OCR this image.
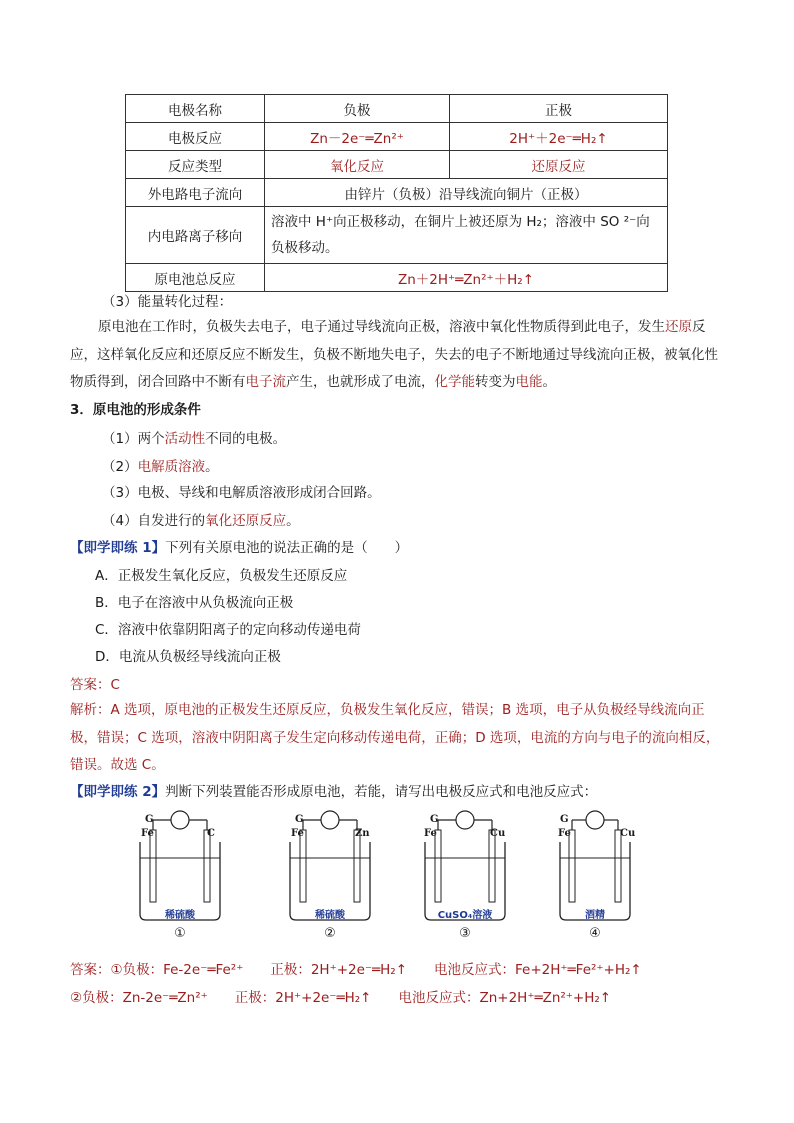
电极名称	负极	正极
电极反应	Zn－2e⁻═Zn²⁺	2H⁺＋2e⁻═H₂↑
反应类型	氧化反应	还原反应
外电路电子流向	由锌片（负极）沿导线流向铜片（正极）	
内电路离子移向	溶液中 H⁺向正极移动，在铜片上被还原为 H₂；溶液中 SO ²⁻向负极移动。	
原电池总反应	Zn＋2H⁺═Zn²⁺＋H₂↑	
（3）能量转化过程：
原电池在工作时，负极失去电子，电子通过导线流向正极，溶液中氧化性物质得到此电子，发生还原反应，这样氧化反应和还原反应不断发生，负极不断地失电子，失去的电子不断地通过导线流向正极，被氧化性物质得到，闭合回路中不断有电子流产生，也就形成了电流，化学能转变为电能。
3．原电池的形成条件
（1）两个活动性不同的电极。
（2）电解质溶液。
（3）电极、导线和电解质溶液形成闭合回路。
（4）自发进行的氧化还原反应。
【即学即练 1】下列有关原电池的说法正确的是（　　）
A．正极发生氧化反应，负极发生还原反应
B．电子在溶液中从负极流向正极
C．溶液中依靠阴阳离子的定向移动传递电荷
D．电流从负极经导线流向正极
答案：C
解析：A 选项，原电池的正极发生还原反应，负极发生氧化反应，错误；B 选项，电子从负极经导线流向正极，错误；C 选项，溶液中阴阳离子发生定向移动传递电荷，正确；D 选项，电流的方向与电子的流向相反，错误。故选 C。
【即学即练 2】判断下列装置能否形成原电池，若能，请写出电极反应式和电池反应式：
G
Fe	C
稀硫酸
①
G
Fe	Zn
稀硫酸
②
G
Fe	Cu
CuSO₄溶液
③
G
Fe	Cu
酒精
④
答案：①负极：Fe-2e⁻═Fe²⁺　　正极：2H⁺+2e⁻═H₂↑　　电池反应式：Fe+2H⁺═Fe²⁺+H₂↑
②负极：Zn-2e⁻═Zn²⁺　　正极：2H⁺+2e⁻═H₂↑　　电池反应式：Zn+2H⁺═Zn²⁺+H₂↑
